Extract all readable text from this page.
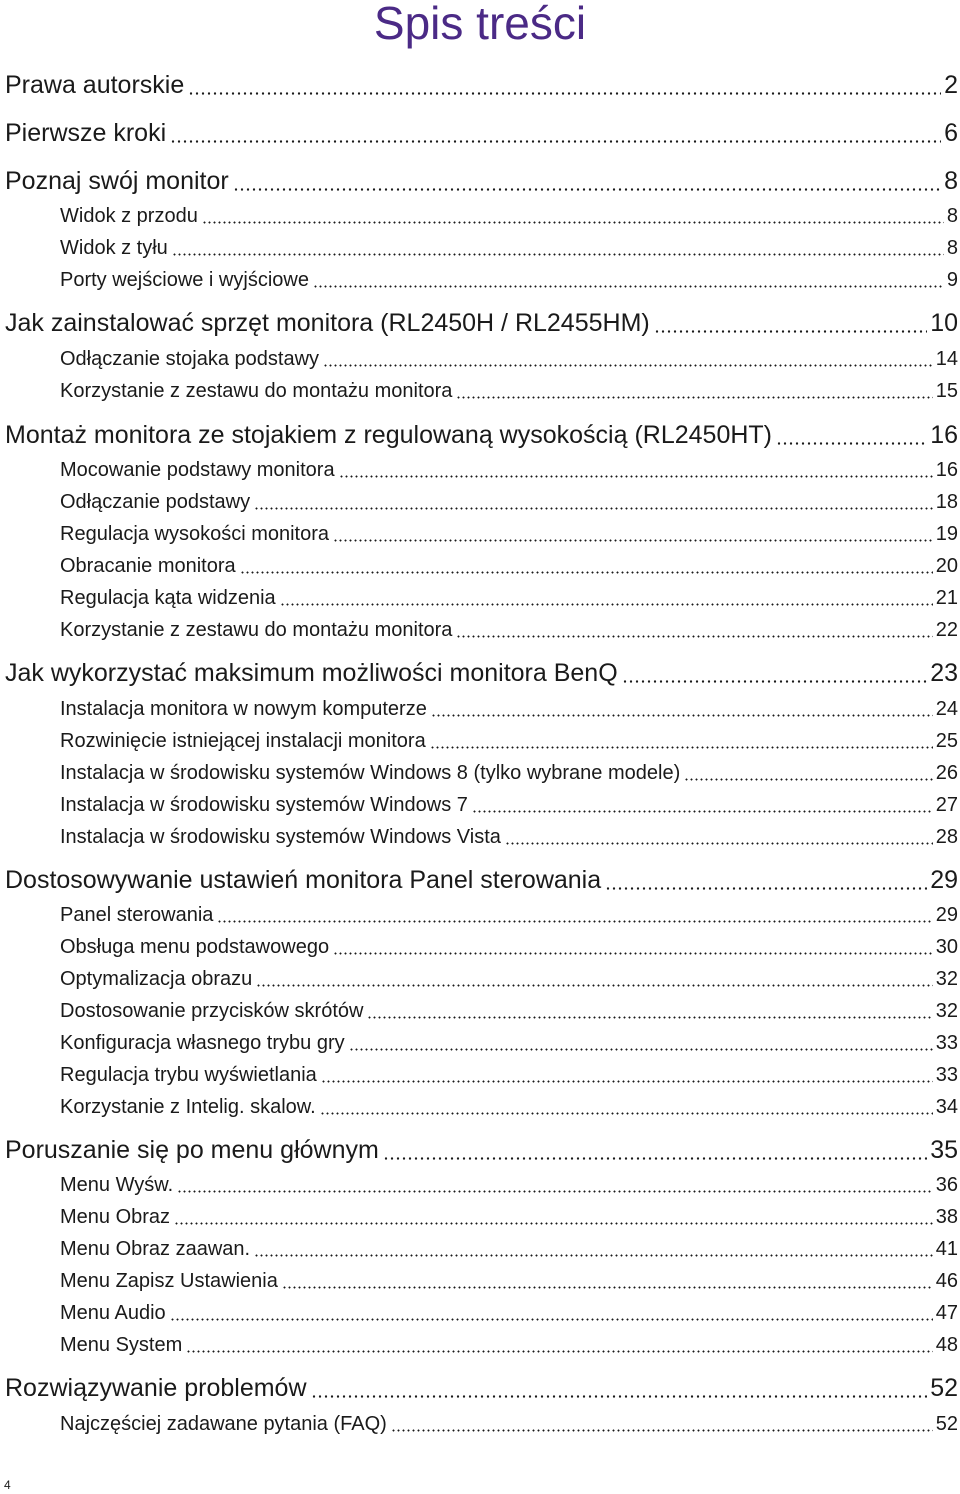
Spis treści
Prawa autorskie	2
Pierwsze kroki	6
Poznaj swój monitor	8
Widok z przodu	8
Widok z tyłu	8
Porty wejściowe i wyjściowe	9
Jak zainstalować sprzęt monitora (RL2450H / RL2455HM)	10
Odłączanie stojaka podstawy	14
Korzystanie z zestawu do montażu monitora	15
Montaż monitora ze stojakiem z regulowaną wysokością (RL2450HT)	16
Mocowanie podstawy monitora	16
Odłączanie podstawy	18
Regulacja wysokości monitora	19
Obracanie monitora	20
Regulacja kąta widzenia	21
Korzystanie z zestawu do montażu monitora	22
Jak wykorzystać maksimum możliwości monitora BenQ	23
Instalacja monitora w nowym komputerze	24
Rozwinięcie istniejącej instalacji monitora	25
Instalacja w środowisku systemów Windows 8 (tylko wybrane modele)	26
Instalacja w środowisku systemów Windows 7	27
Instalacja w środowisku systemów Windows Vista	28
Dostosowywanie ustawień monitora Panel sterowania	29
Panel sterowania	29
Obsługa menu podstawowego	30
Optymalizacja obrazu	32
Dostosowanie przycisków skrótów	32
Konfiguracja własnego trybu gry	33
Regulacja trybu wyświetlania	33
Korzystanie z Intelig. skalow.	34
Poruszanie się po menu głównym	35
Menu Wyśw.	36
Menu Obraz	38
Menu Obraz zaawan.	41
Menu Zapisz Ustawienia	46
Menu Audio	47
Menu System	48
Rozwiązywanie problemów	52
Najczęściej zadawane pytania (FAQ)	52
4
